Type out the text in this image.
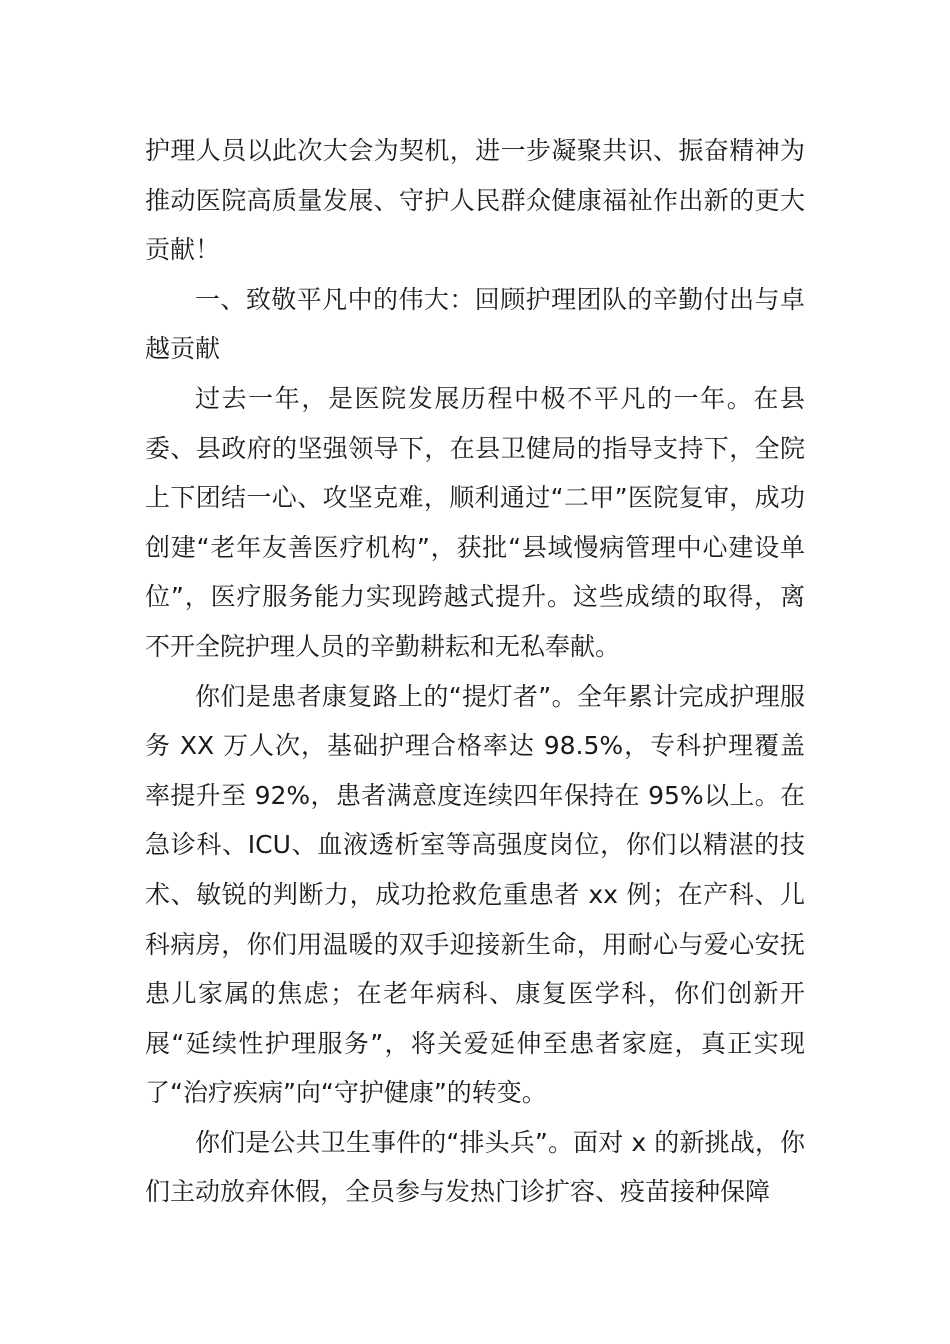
护理人员以此次大会为契机，进一步凝聚共识、振奋精神为推动医院高质量发展、守护人民群众健康福祉作出新的更大贡献！

一、致敬平凡中的伟大：回顾护理团队的辛勤付出与卓越贡献

过去一年，是医院发展历程中极不平凡的一年。在县委、县政府的坚强领导下，在县卫健局的指导支持下，全院上下团结一心、攻坚克难，顺利通过“二甲”医院复审，成功创建“老年友善医疗机构”，获批“县域慢病管理中心建设单位”，医疗服务能力实现跨越式提升。这些成绩的取得，离不开全院护理人员的辛勤耕耘和无私奉献。

你们是患者康复路上的“提灯者”。全年累计完成护理服务 XX 万人次，基础护理合格率达 98.5%，专科护理覆盖率提升至 92%，患者满意度连续四年保持在 95%以上。在急诊科、ICU、血液透析室等高强度岗位，你们以精湛的技术、敏锐的判断力，成功抢救危重患者 xx 例；在产科、儿科病房，你们用温暖的双手迎接新生命，用耐心与爱心安抚患儿家属的焦虑；在老年病科、康复医学科，你们创新开展“延续性护理服务”，将关爱延伸至患者家庭，真正实现了“治疗疾病”向“守护健康”的转变。

你们是公共卫生事件的“排头兵”。面对 x 的新挑战，你们主动放弃休假，全员参与发热门诊扩容、疫苗接种保障
